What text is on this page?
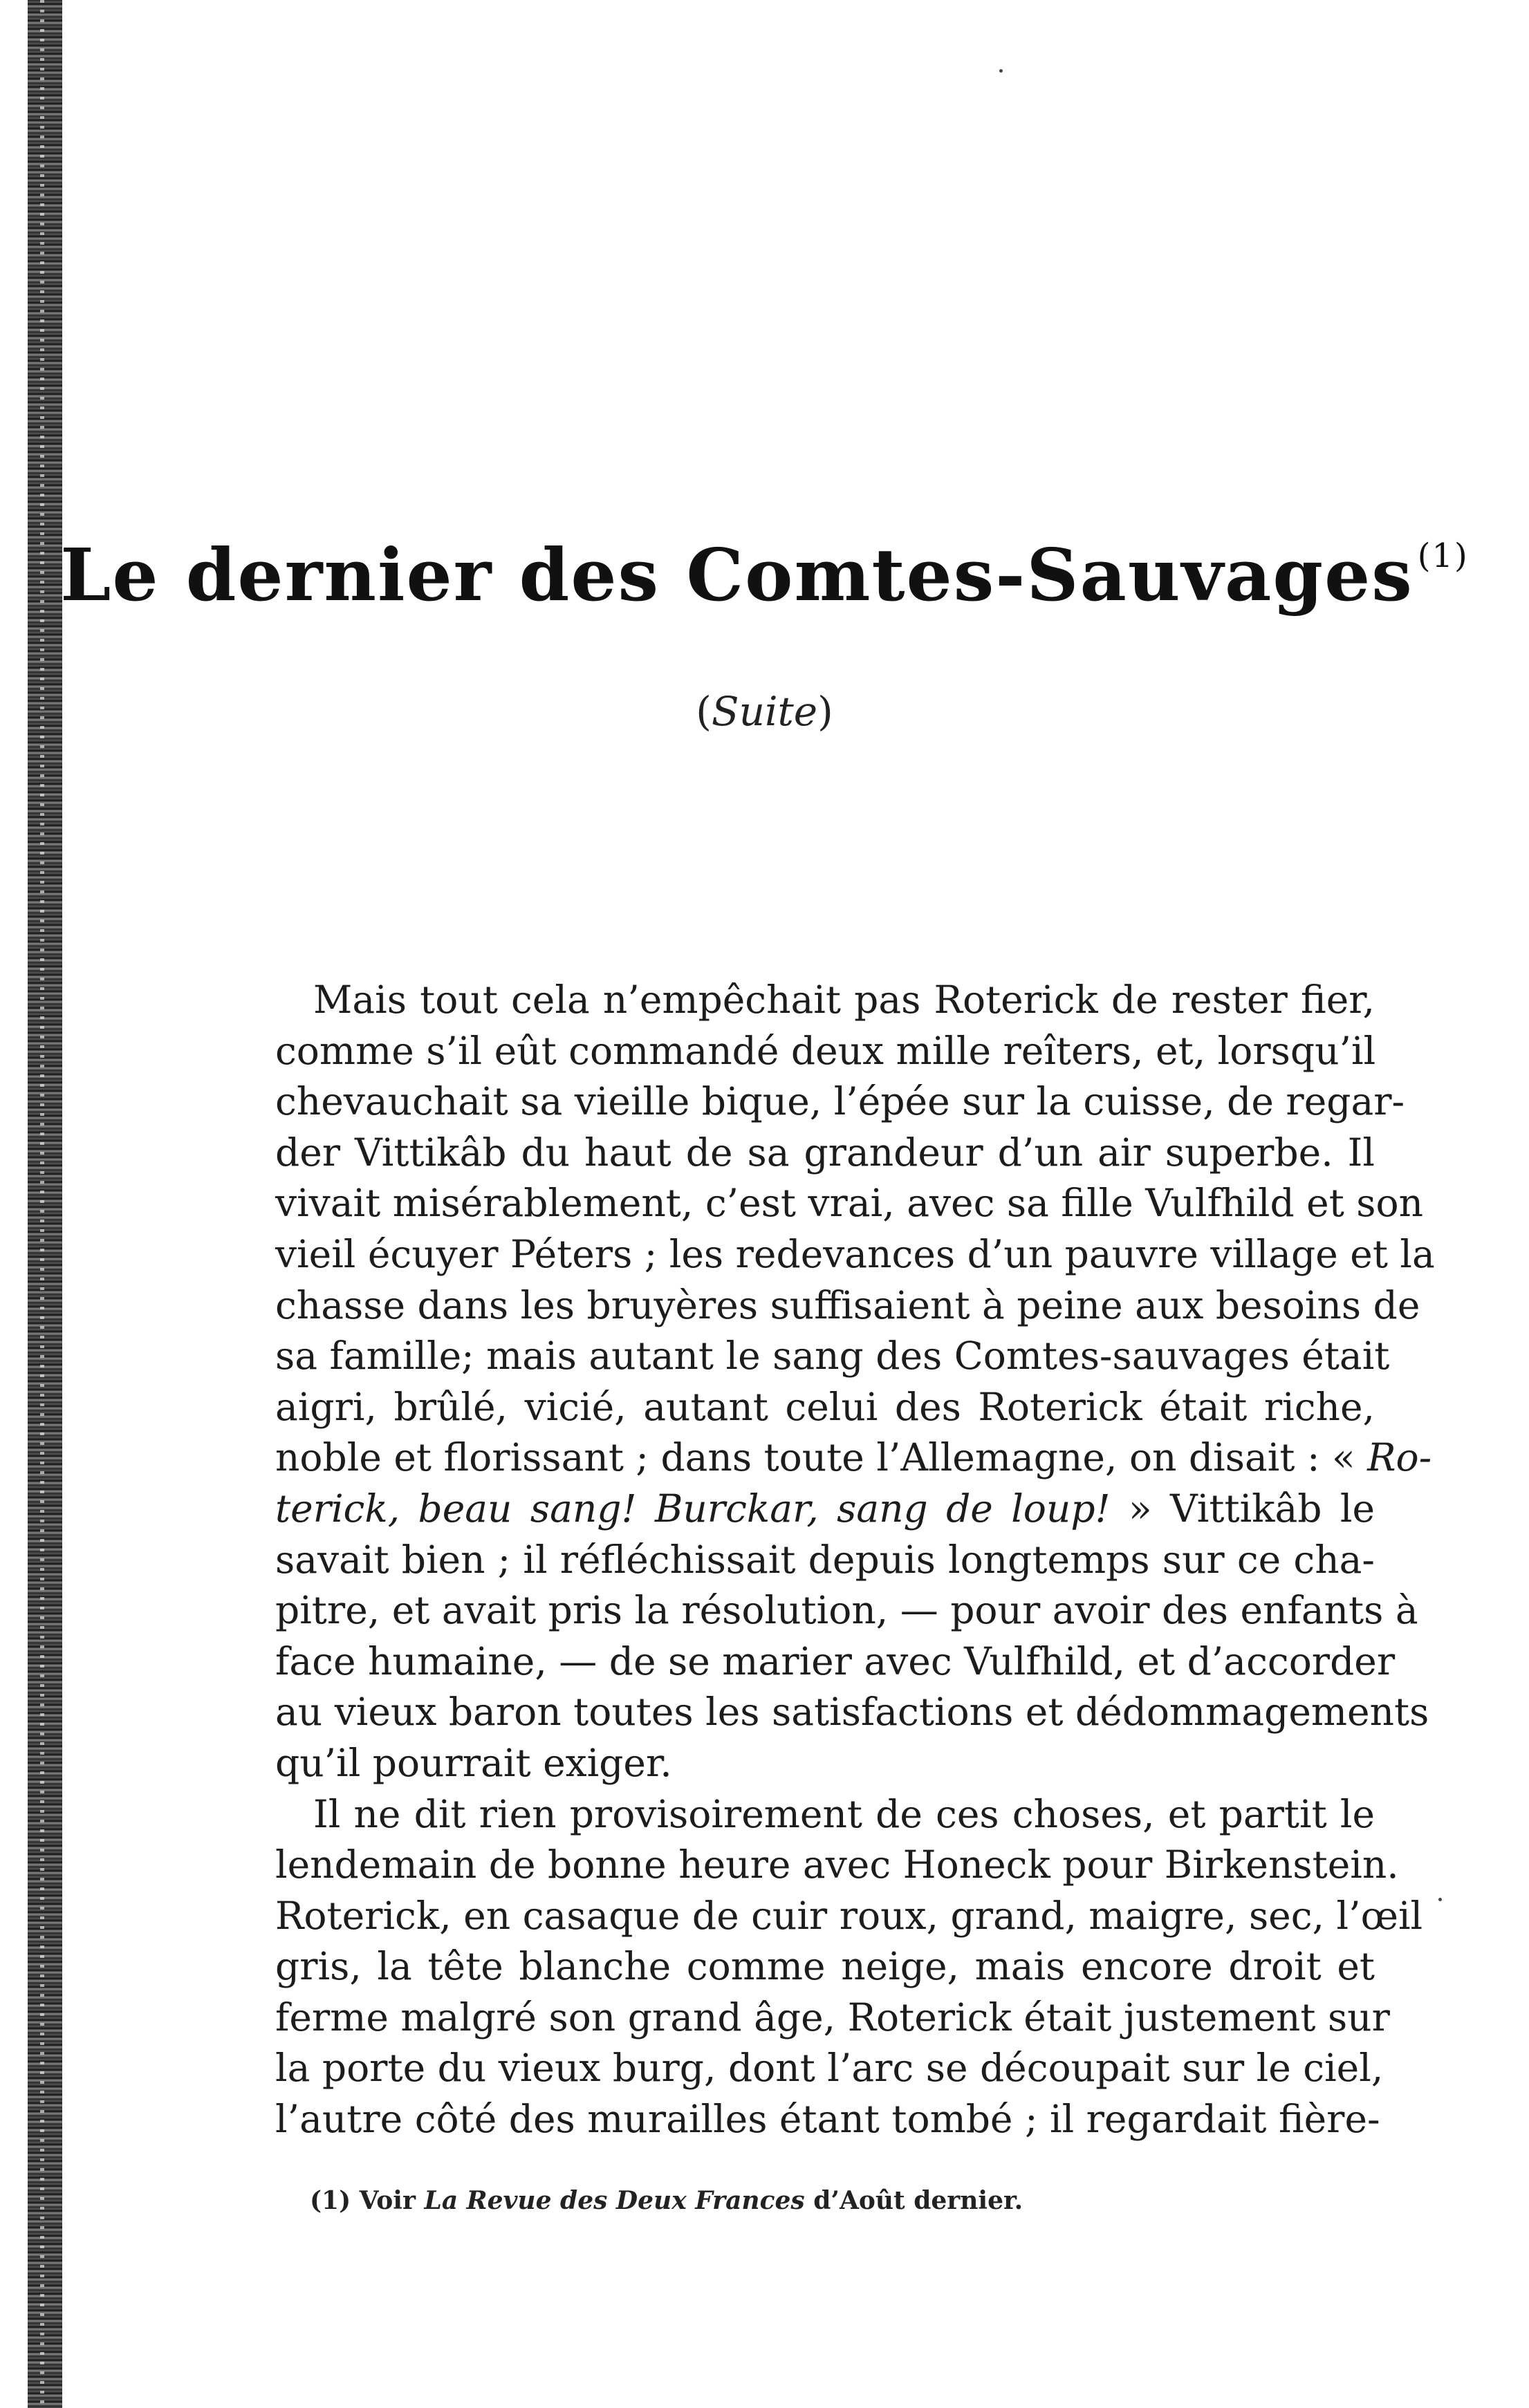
Le dernier des Comtes-Sauvages $^{(1)}$
(Suite)
Mais tout cela n’empêchait pas Roterick de rester fier,
comme s’il eût commandé deux mille reîters, et, lorsqu’il
chevauchait sa vieille bique, l’épée sur la cuisse, de regar-
der Vittikâb du haut de sa grandeur d’un air superbe. Il
vivait misérablement, c’est vrai, avec sa fille Vulfhild et son
vieil écuyer Péters ; les redevances d’un pauvre village et la
chasse dans les bruyères suffisaient à peine aux besoins de
sa famille; mais autant le sang des Comtes-sauvages était
aigri, brûlé, vicié, autant celui des Roterick était riche,
noble et florissant ; dans toute l’Allemagne, on disait : « Ro-
terick, beau sang! Burckar, sang de loup! » Vittikâb le
savait bien ; il réfléchissait depuis longtemps sur ce cha-
pitre, et avait pris la résolution, — pour avoir des enfants à
face humaine, — de se marier avec Vulfhild, et d’accorder
au vieux baron toutes les satisfactions et dédommagements
qu’il pourrait exiger.
Il ne dit rien provisoirement de ces choses, et partit le
lendemain de bonne heure avec Honeck pour Birkenstein.
Roterick, en casaque de cuir roux, grand, maigre, sec, l’œil
gris, la tête blanche comme neige, mais encore droit et
ferme malgré son grand âge, Roterick était justement sur
la porte du vieux burg, dont l’arc se découpait sur le ciel,
l’autre côté des murailles étant tombé ; il regardait fière-
(1) Voir La Revue des Deux Frances d’Août dernier.
